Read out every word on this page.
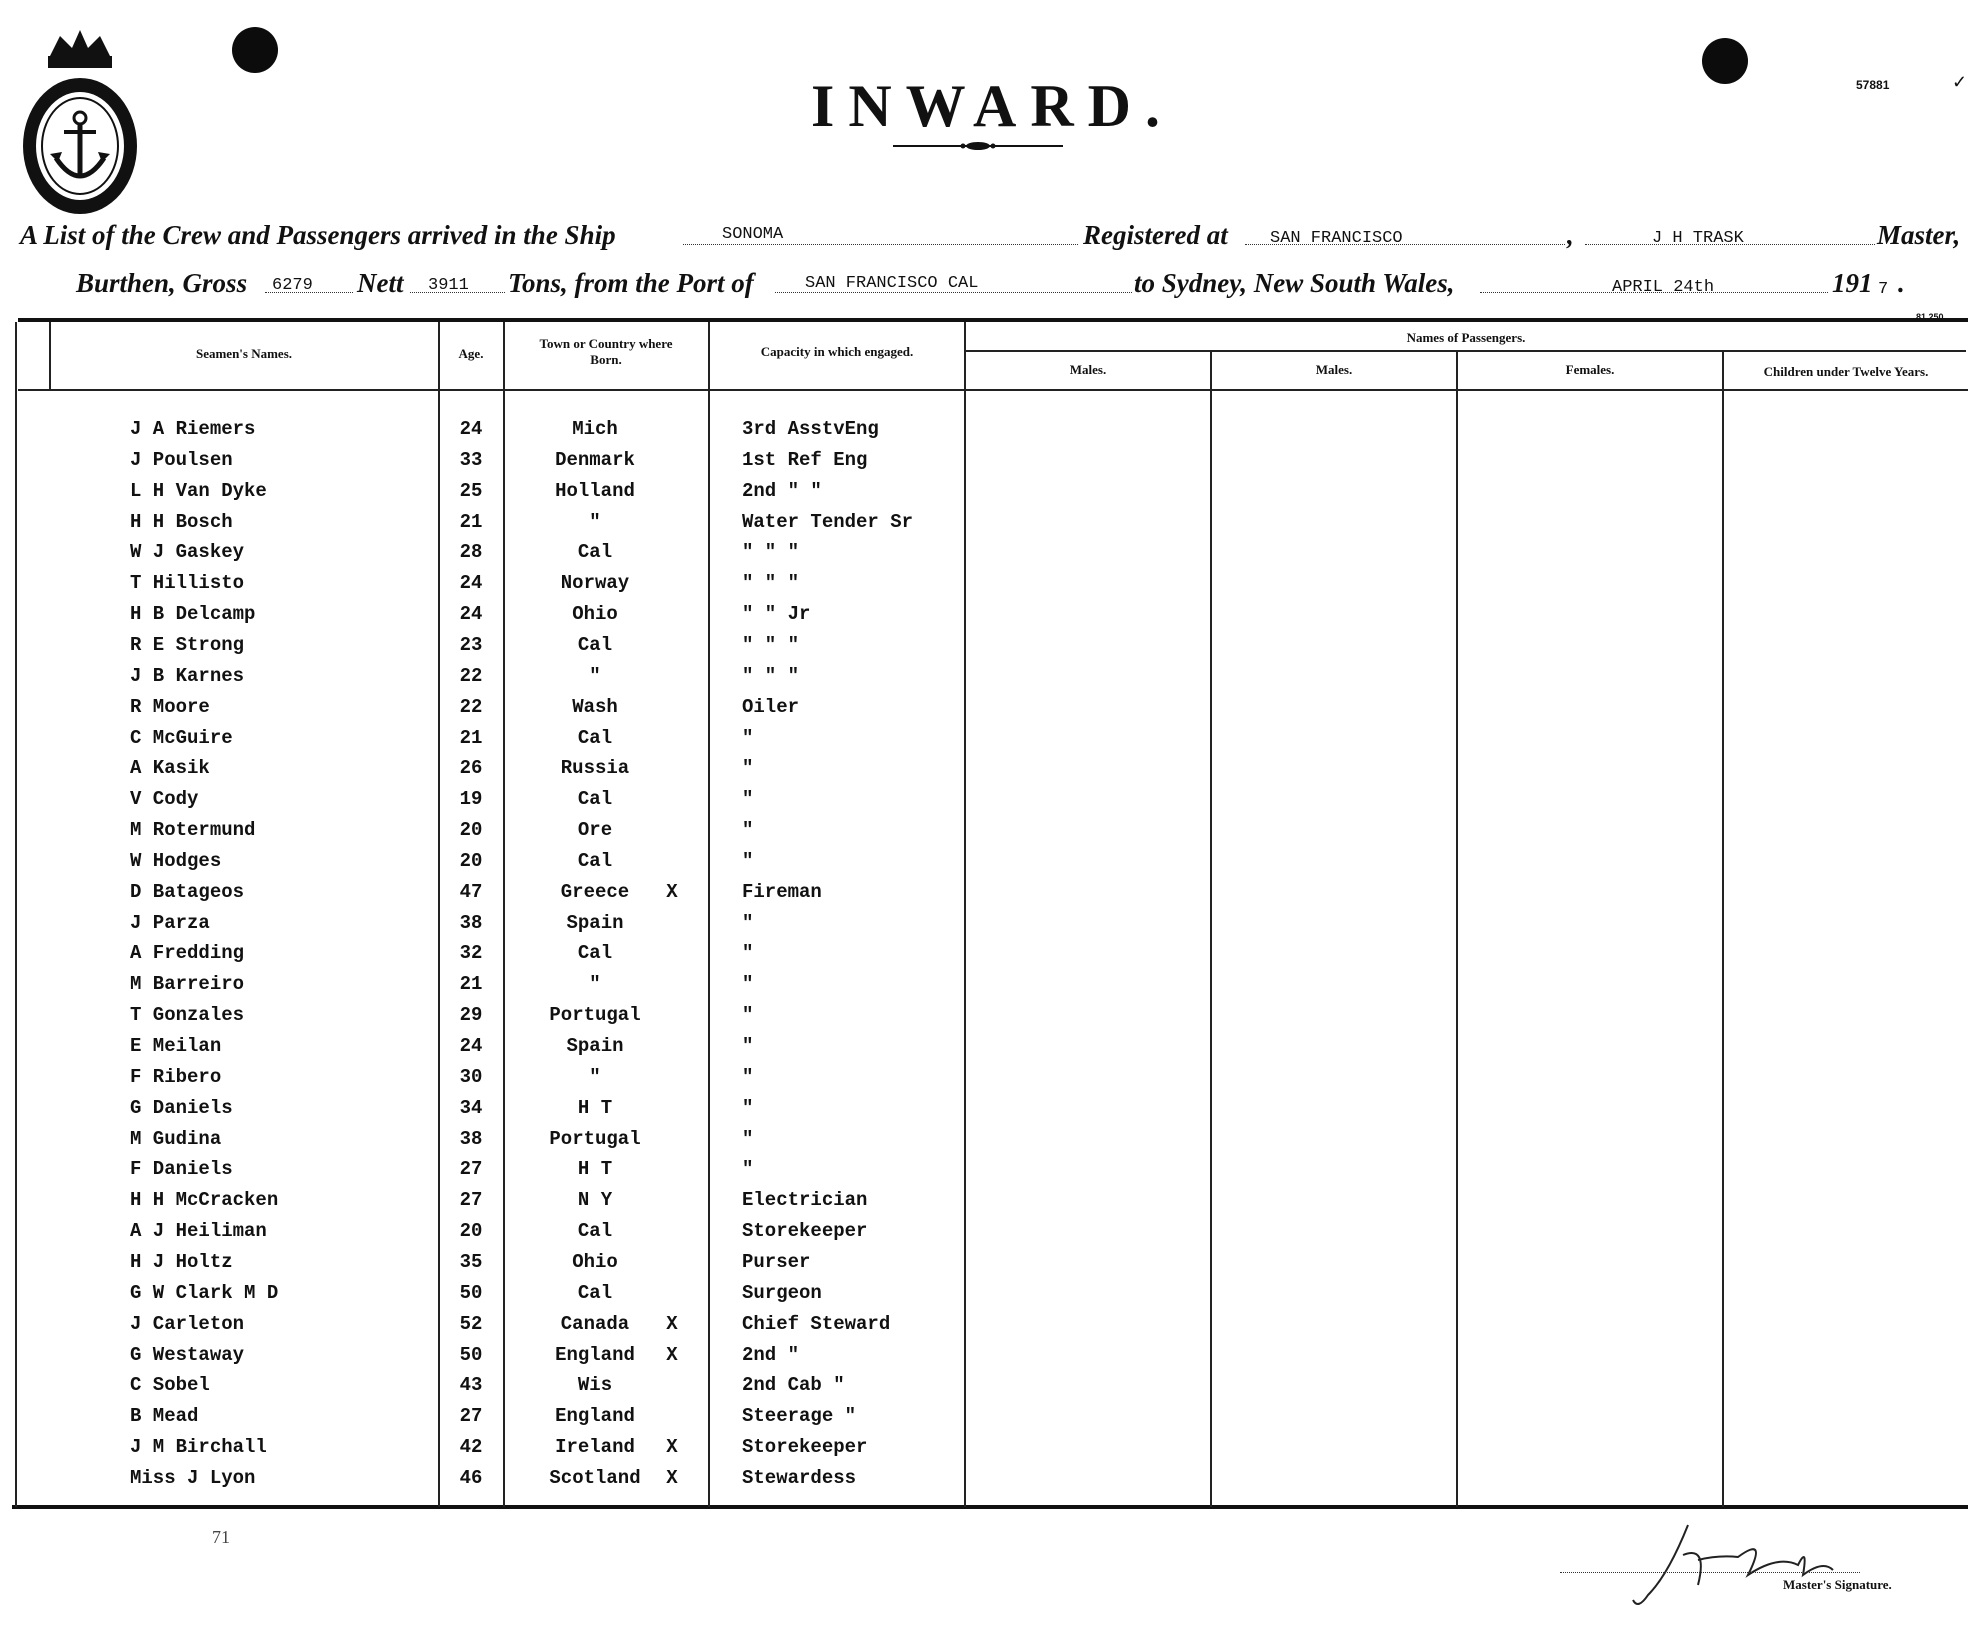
INWARD.	57881	✓
A List of the Crew and Passengers arrived in the Ship	SONOMA	Registered at SAN FRANCISCO	,	J H TRASK	Master,
Burthen, Gross 6279 Nett 3911 Tons, from the Port of	SAN FRANCISCO CAL	to Sydney, New South Wales,	APRIL 24th	191 7 .
81 250
Seamen's Names.	Age.
Town or Country where Born.
Capacity in which engaged.
Names of Passengers.
Males.	Males.	Females.	Children under Twelve Years.
J A Riemers	24	Mich	3rd AsstvEng
J Poulsen	33	Denmark	1st Ref Eng
L H Van Dyke	25	Holland	2nd " "
H H Bosch	21	"	Water Tender Sr
W J Gaskey	28	Cal	" " "
T Hillisto	24	Norway	" " "
H B Delcamp	24	Ohio	" " Jr
R E Strong	23	Cal	" " "
J B Karnes	22	"	" " "
R Moore	22	Wash	Oiler
C McGuire	21	Cal	"
A Kasik	26	Russia	"
V Cody	19	Cal	"
M Rotermund	20	Ore	"
W Hodges	20	Cal	"
D Batageos	47	Greece	X	Fireman
J Parza	38	Spain	"
A Fredding	32	Cal	"
M Barreiro	21	"	"
T Gonzales	29	Portugal	"
E Meilan	24	Spain	"
F Ribero	30	"	"
G Daniels	34	H T	"
M Gudina	38	Portugal	"
F Daniels	27	H T	"
H H McCracken	27	N Y	Electrician
A J Heiliman	20	Cal	Storekeeper
H J Holtz	35	Ohio	Purser
G W Clark M D	50	Cal	Surgeon
J Carleton	52	Canada	X	Chief Steward
G Westaway	50	England	X	2nd "
C Sobel	43	Wis	2nd Cab "
B Mead	27	England	Steerage "
J M Birchall	42	Ireland	X	Storekeeper
Miss J Lyon	46	Scotland	X	Stewardess
71
Master's Signature.
